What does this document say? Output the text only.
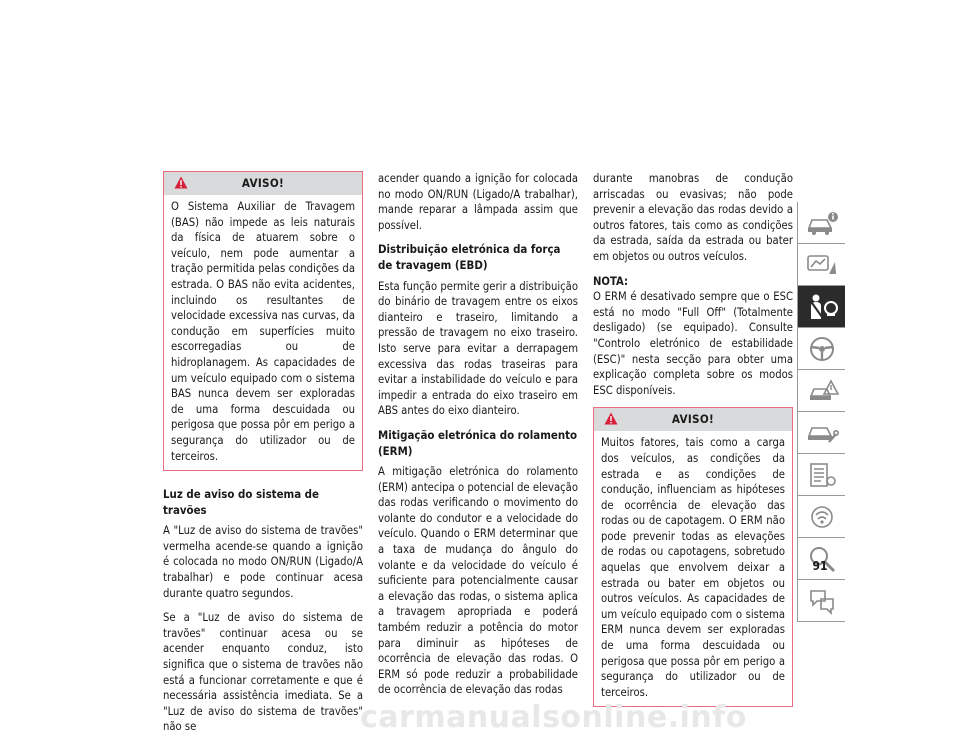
AVISO!
O Sistema Auxiliar de Travagem (BAS) não impede as leis naturais da física de atuarem sobre o veículo, nem pode aumentar a tração permitida pelas condições da estrada. O BAS não evita acidentes, incluindo os resultantes de velocidade excessiva nas curvas, da condução em superfícies muito escorregadias ou de hidroplanagem. As capacidades de um veículo equipado com o sistema BAS nunca devem ser exploradas de uma forma descuidada ou perigosa que possa pôr em perigo a segurança do utilizador ou de terceiros.
Luz de aviso do sistema de travões

A "Luz de aviso do sistema de travões" vermelha acende-se quando a ignição é colocada no modo ON/RUN (Ligado/A trabalhar) e pode continuar acesa durante quatro segundos.

Se a "Luz de aviso do sistema de travões" continuar acesa ou se acender enquanto conduz, isto significa que o sistema de travões não está a funcionar corretamente e que é necessária assistência imediata. Se a "Luz de aviso do sistema de travões" não se

acender quando a ignição for colocada no modo ON/RUN (Ligado/A trabalhar), mande reparar a lâmpada assim que possível.

Distribuição eletrónica da força de travagem (EBD)

Esta função permite gerir a distribuição do binário de travagem entre os eixos dianteiro e traseiro, limitando a pressão de travagem no eixo traseiro. Isto serve para evitar a derrapagem excessiva das rodas traseiras para evitar a instabilidade do veículo e para impedir a entrada do eixo traseiro em ABS antes do eixo dianteiro.

Mitigação eletrónica do rolamento (ERM)

A mitigação eletrónica do rolamento (ERM) antecipa o potencial de elevação das rodas verificando o movimento do volante do condutor e a velocidade do veículo. Quando o ERM determinar que a taxa de mudança do ângulo do volante e da velocidade do veículo é suficiente para potencialmente causar a elevação das rodas, o sistema aplica a travagem apropriada e poderá também reduzir a potência do motor para diminuir as hipóteses de ocorrência de elevação das rodas. O ERM só pode reduzir a probabilidade de ocorrência de elevação das rodas

durante manobras de condução arriscadas ou evasivas; não pode prevenir a elevação das rodas devido a outros fatores, tais como as condições da estrada, saída da estrada ou bater em objetos ou outros veículos.

NOTA:

O ERM é desativado sempre que o ESC está no modo "Full Off" (Totalmente desligado) (se equipado). Consulte "Controlo eletrónico de estabilidade (ESC)" nesta secção para obter uma explicação completa sobre os modos ESC disponíveis.

AVISO!
Muitos fatores, tais como a carga dos veículos, as condições da estrada e as condições de condução, influenciam as hipóteses de ocorrência de elevação das rodas ou de capotagem. O ERM não pode prevenir todas as elevações de rodas ou capotagens, sobretudo aquelas que envolvem deixar a estrada ou bater em objetos ou outros veículos. As capacidades de um veículo equipado com o sistema ERM nunca devem ser exploradas de uma forma descuidada ou perigosa que possa pôr em perigo a segurança do utilizador ou de terceiros.
91
carmanualsonline.info
